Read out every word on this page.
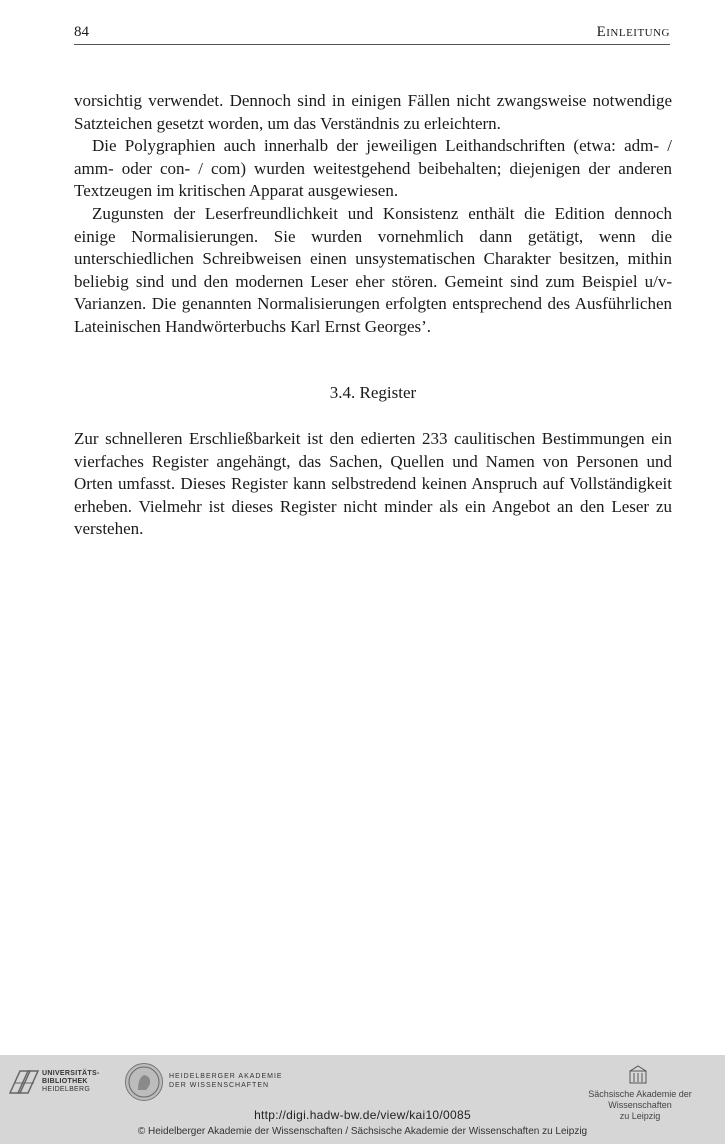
84	Einleitung

vorsichtig verwendet. Dennoch sind in einigen Fällen nicht zwangsweise notwendige Satzteichen gesetzt worden, um das Verständnis zu erleichtern.

Die Polygraphien auch innerhalb der jeweiligen Leithandschriften (etwa: adm- / amm- oder con- / com) wurden weitestgehend beibehalten; diejenigen der anderen Textzeugen im kritischen Apparat ausgewiesen.

Zugunsten der Leserfreundlichkeit und Konsistenz enthält die Edition dennoch einige Normalisierungen. Sie wurden vornehmlich dann getätigt, wenn die unterschiedlichen Schreibweisen einen unsystematischen Charakter besitzen, mithin beliebig sind und den modernen Leser eher stören. Gemeint sind zum Beispiel u/v-Varianzen. Die genannten Normalisierungen erfolgten entsprechend des Ausführlichen Lateinischen Handwörterbuchs Karl Ernst Georges’.

3.4. Register

Zur schnelleren Erschließbarkeit ist den edierten 233 caulitischen Bestimmungen ein vierfaches Register angehängt, das Sachen, Quellen und Namen von Personen und Orten umfasst. Dieses Register kann selbstredend keinen Anspruch auf Vollständigkeit erheben. Vielmehr ist dieses Register nicht minder als ein Angebot an den Leser zu verstehen.

UNIVERSITÄTS-
BIBLIOTHEK
HEIDELBERG
HEIDELBERGER AKADEMIE
DER WISSENSCHAFTEN
Sächsische Akademie der Wissenschaften
zu Leipzig
http://digi.hadw-bw.de/view/kai10/0085
© Heidelberger Akademie der Wissenschaften / Sächsische Akademie der Wissenschaften zu Leipzig
